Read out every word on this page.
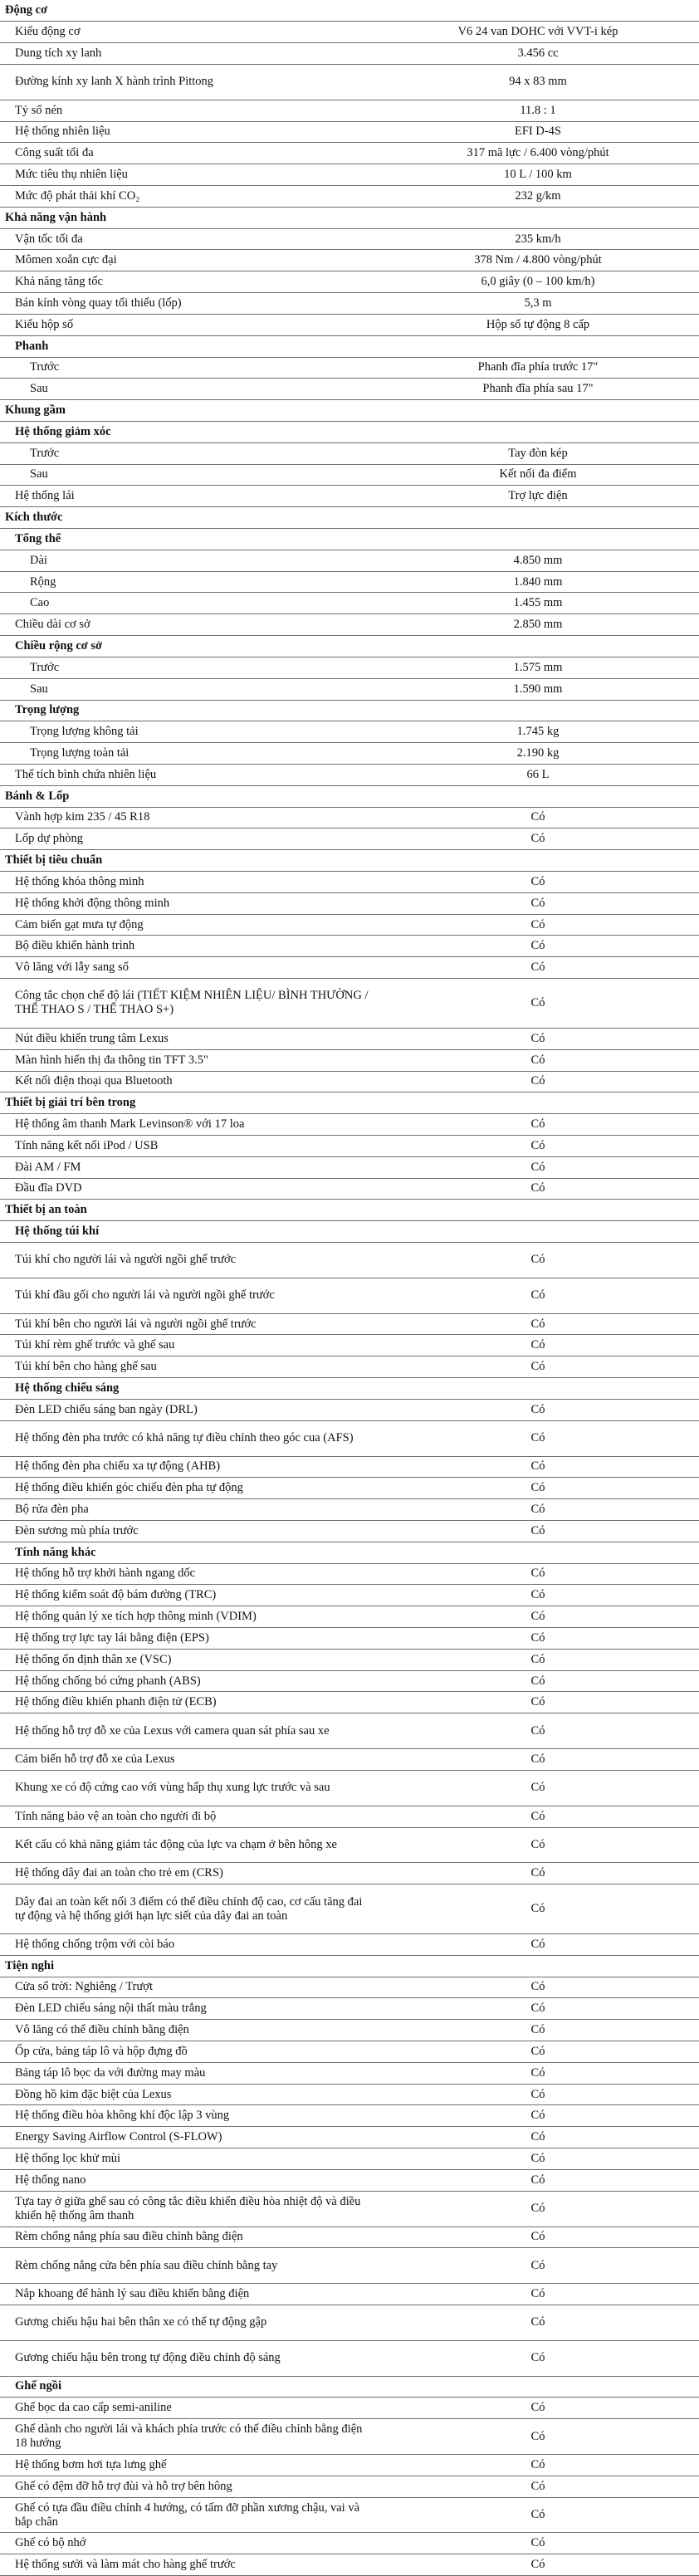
Động cơ	
Kiểu động cơ	V6 24 van DOHC với VVT-i kép
Dung tích xy lanh	3.456 cc
Đường kính xy lanh X hành trình Pittong	94 x 83 mm
Tỷ số nén	11.8 : 1
Hệ thống nhiên liệu	EFI D-4S
Công suất tối đa	317 mã lực / 6.400 vòng/phút
Mức tiêu thụ nhiên liệu	10 L / 100 km
Mức độ phát thải khí CO₂	232 g/km
Khả năng vận hành	
Vận tốc tối đa	235 km/h
Mômen xoắn cực đại	378 Nm / 4.800 vòng/phút
Khả năng tăng tốc	6,0 giây (0 – 100 km/h)
Bán kính vòng quay tối thiểu (lốp)	5,3 m
Kiểu hộp số	Hộp số tự động 8 cấp
Phanh	
Trước	Phanh đĩa phía trước 17"
Sau	Phanh đĩa phía sau 17"
Khung gầm	
Hệ thống giảm xóc	
Trước	Tay đòn kép
Sau	Kết nối đa điểm
Hệ thống lái	Trợ lực điện
Kích thước	
Tổng thể	
Dài	4.850 mm
Rộng	1.840 mm
Cao	1.455 mm
Chiều dài cơ sở	2.850 mm
Chiều rộng cơ sở	
Trước	1.575 mm
Sau	1.590 mm
Trọng lượng	
Trọng lượng không tải	1.745 kg
Trọng lượng toàn tải	2.190 kg
Thể tích bình chứa nhiên liệu	66 L
Bánh & Lốp	
Vành hợp kim 235 / 45 R18	Có
Lốp dự phòng	Có
Thiết bị tiêu chuẩn	
Hệ thống khóa thông minh	Có
Hệ thống khởi động thông minh	Có
Cảm biến gạt mưa tự động	Có
Bộ điều khiển hành trình	Có
Vô lăng với lẫy sang số	Có
Công tắc chọn chế độ lái (TIẾT KIỆM NHIÊN LIỆU/ BÌNH THƯỜNG / THỂ THAO S / THỂ THAO S+)	Có
Nút điều khiển trung tâm Lexus	Có
Màn hình hiển thị đa thông tin TFT 3.5"	Có
Kết nối điện thoại qua Bluetooth	Có
Thiết bị giải trí bên trong	
Hệ thống âm thanh Mark Levinson® với 17 loa	Có
Tính năng kết nối iPod / USB	Có
Đài AM / FM	Có
Đầu đĩa DVD	Có
Thiết bị an toàn	
Hệ thống túi khí	
Túi khí cho người lái và người ngồi ghế trước	Có
Túi khí đầu gối cho người lái và người ngồi ghế trước	Có
Túi khí bên cho người lái và người ngồi ghế trước	Có
Túi khí rèm ghế trước và ghế sau	Có
Túi khí bên cho hàng ghế sau	Có
Hệ thống chiếu sáng	
Đèn LED chiếu sáng ban ngày (DRL)	Có
Hệ thống đèn pha trước có khả năng tự điều chỉnh theo góc cua (AFS)	Có
Hệ thống đèn pha chiếu xa tự động (AHB)	Có
Hệ thống điều khiển góc chiếu đèn pha tự động	Có
Bộ rửa đèn pha	Có
Đèn sương mù phía trước	Có
Tính năng khác	
Hệ thống hỗ trợ khởi hành ngang dốc	Có
Hệ thống kiểm soát độ bám đường (TRC)	Có
Hệ thống quản lý xe tích hợp thông minh (VDIM)	Có
Hệ thống trợ lực tay lái bằng điện (EPS)	Có
Hệ thống ổn định thân xe (VSC)	Có
Hệ thống chống bó cứng phanh (ABS)	Có
Hệ thống điều khiển phanh điện tử (ECB)	Có
Hệ thống hỗ trợ đỗ xe của Lexus với camera quan sát phía sau xe	Có
Cảm biến hỗ trợ đỗ xe của Lexus	Có
Khung xe có độ cứng cao với vùng hấp thụ xung lực trước và sau	Có
Tính năng bảo vệ an toàn cho người đi bộ	Có
Kết cấu có khả năng giảm tác động của lực va chạm ở bên hông xe	Có
Hệ thống dây đai an toàn cho trẻ em (CRS)	Có
Dây đai an toàn kết nối 3 điểm có thể điều chỉnh độ cao, cơ cấu tăng đai tự động và hệ thống giới hạn lực siết của dây đai an toàn	Có
Hệ thống chống trộm với còi báo	Có
Tiện nghi	
Cửa sổ trời: Nghiêng / Trượt	Có
Đèn LED chiếu sáng nội thất màu trắng	Có
Vô lăng có thể điều chỉnh bằng điện	Có
Ốp cửa, bảng táp lô và hộp đựng đồ	Có
Bảng táp lô bọc da với đường may màu	Có
Đồng hồ kim đặc biệt của Lexus	Có
Hệ thống điều hòa không khí độc lập 3 vùng	Có
Energy Saving Airflow Control (S-FLOW)	Có
Hệ thống lọc khử mùi	Có
Hệ thống nano	Có
Tựa tay ở giữa ghế sau có công tắc điều khiển điều hòa nhiệt độ và điều khiển hệ thống âm thanh	Có
Rèm chống nắng phía sau điều chỉnh bằng điện	Có
Rèm chống nắng cửa bên phía sau điều chỉnh bằng tay	Có
Nắp khoang để hành lý sau điều khiển bằng điện	Có
Gương chiếu hậu hai bên thân xe có thể tự động gập	Có
Gương chiếu hậu bên trong tự động điều chỉnh độ sáng	Có
Ghế ngồi	
Ghế bọc da cao cấp semi-aniline	Có
Ghế dành cho người lái và khách phía trước có thể điều chỉnh bằng điện 18 hướng	Có
Hệ thống bơm hơi tựa lưng ghế	Có
Ghế có đệm đỡ hỗ trợ đùi và hỗ trợ bên hông	Có
Ghế có tựa đầu điều chỉnh 4 hướng, có tấm đỡ phần xương chậu, vai và bắp chân	Có
Ghế có bộ nhớ	Có
Hệ thống sưởi và làm mát cho hàng ghế trước	Có
